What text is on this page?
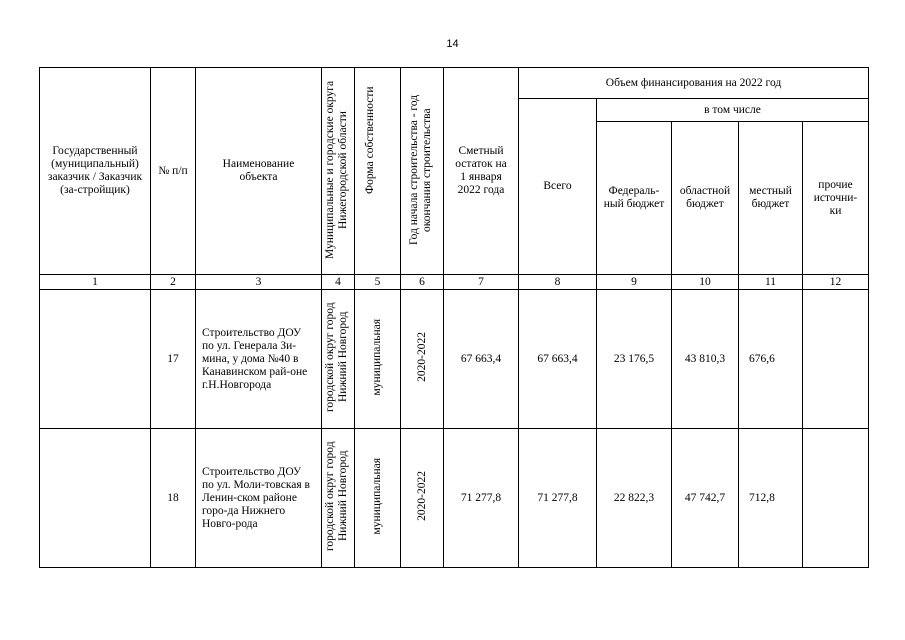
14
Государственный (муниципальный) заказчик / Заказчик (за-стройщик)	№ п/п	Наименование объекта	Муниципальные и городские округа Нижегородской области	Форма собственности	Год начала строительства - год окончания строительства	Сметный остаток на 1 января 2022 года	Объем финансирования на 2022 год				
							Всего	в том числе			
								Федераль-ный бюджет	областной бюджет	местный бюджет	прочие источни-ки
1	2	3	4	5	6	7	8	9	10	11	12
	17	Строительство ДОУ по ул. Генерала Зи-мина, у дома №40 в Канавинском рай-оне г.Н.Новгорода	городской округ город Нижний Новгород	муниципальная	2020-2022	67 663,4	67 663,4	23 176,5	43 810,3	676,6	
	18	Строительство ДОУ по ул. Моли-товская в Ленин-ском районе горо-да Нижнего Новго-рода	городской округ город Нижний Новгород	муниципальная	2020-2022	71 277,8	71 277,8	22 822,3	47 742,7	712,8	
